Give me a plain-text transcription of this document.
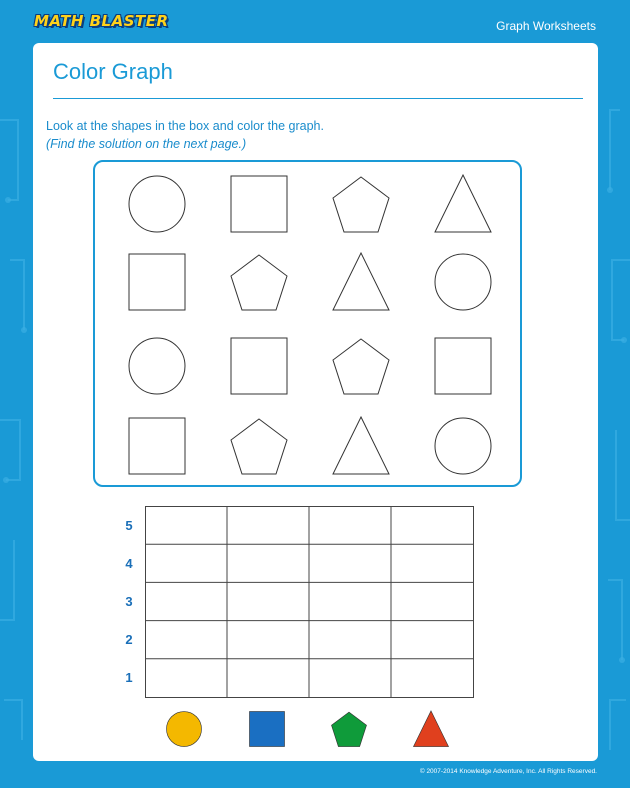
MATH BLASTER	Graph Worksheets
Color Graph
Look at the shapes in the box and color the graph.
(Find the solution on the next page.)
5
4
3
2
1
© 2007-2014 Knowledge Adventure, Inc. All Rights Reserved.
